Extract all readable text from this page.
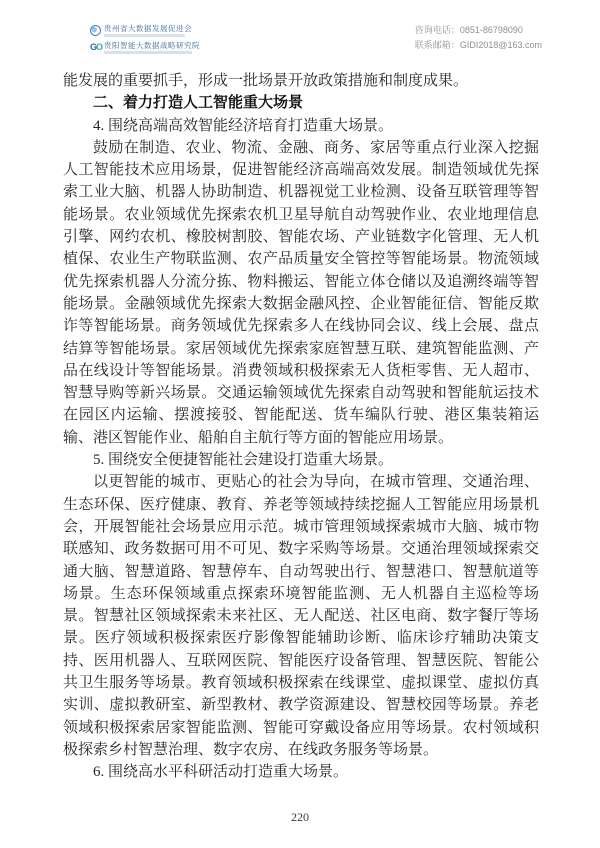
贵州省大数据发展促进会
GO 贵阳智能大数据战略研究院
咨询电话：0851-86798090
联系邮箱：GIDI2018@163.com

能发展的重要抓手，形成一批场景开放政策措施和制度成果。

二、着力打造人工智能重大场景

4. 围绕高端高效智能经济培育打造重大场景。

鼓励在制造、农业、物流、金融、商务、家居等重点行业深入挖掘人工智能技术应用场景，促进智能经济高端高效发展。制造领域优先探索工业大脑、机器人协助制造、机器视觉工业检测、设备互联管理等智能场景。农业领域优先探索农机卫星导航自动驾驶作业、农业地理信息引擎、网约农机、橡胶树割胶、智能农场、产业链数字化管理、无人机植保、农业生产物联监测、农产品质量安全管控等智能场景。物流领域优先探索机器人分流分拣、物料搬运、智能立体仓储以及追溯终端等智能场景。金融领域优先探索大数据金融风控、企业智能征信、智能反欺诈等智能场景。商务领域优先探索多人在线协同会议、线上会展、盘点结算等智能场景。家居领域优先探索家庭智慧互联、建筑智能监测、产品在线设计等智能场景。消费领域积极探索无人货柜零售、无人超市、智慧导购等新兴场景。交通运输领域优先探索自动驾驶和智能航运技术在园区内运输、摆渡接驳、智能配送、货车编队行驶、港区集装箱运输、港区智能作业、船舶自主航行等方面的智能应用场景。

5. 围绕安全便捷智能社会建设打造重大场景。

以更智能的城市、更贴心的社会为导向，在城市管理、交通治理、生态环保、医疗健康、教育、养老等领域持续挖掘人工智能应用场景机会，开展智能社会场景应用示范。城市管理领域探索城市大脑、城市物联感知、政务数据可用不可见、数字采购等场景。交通治理领域探索交通大脑、智慧道路、智慧停车、自动驾驶出行、智慧港口、智慧航道等场景。生态环保领域重点探索环境智能监测、无人机器自主巡检等场景。智慧社区领域探索未来社区、无人配送、社区电商、数字餐厅等场景。医疗领域积极探索医疗影像智能辅助诊断、临床诊疗辅助决策支持、医用机器人、互联网医院、智能医疗设备管理、智慧医院、智能公共卫生服务等场景。教育领域积极探索在线课堂、虚拟课堂、虚拟仿真实训、虚拟教研室、新型教材、教学资源建设、智慧校园等场景。养老领域积极探索居家智能监测、智能可穿戴设备应用等场景。农村领域积极探索乡村智慧治理、数字农房、在线政务服务等场景。

6. 围绕高水平科研活动打造重大场景。

220
